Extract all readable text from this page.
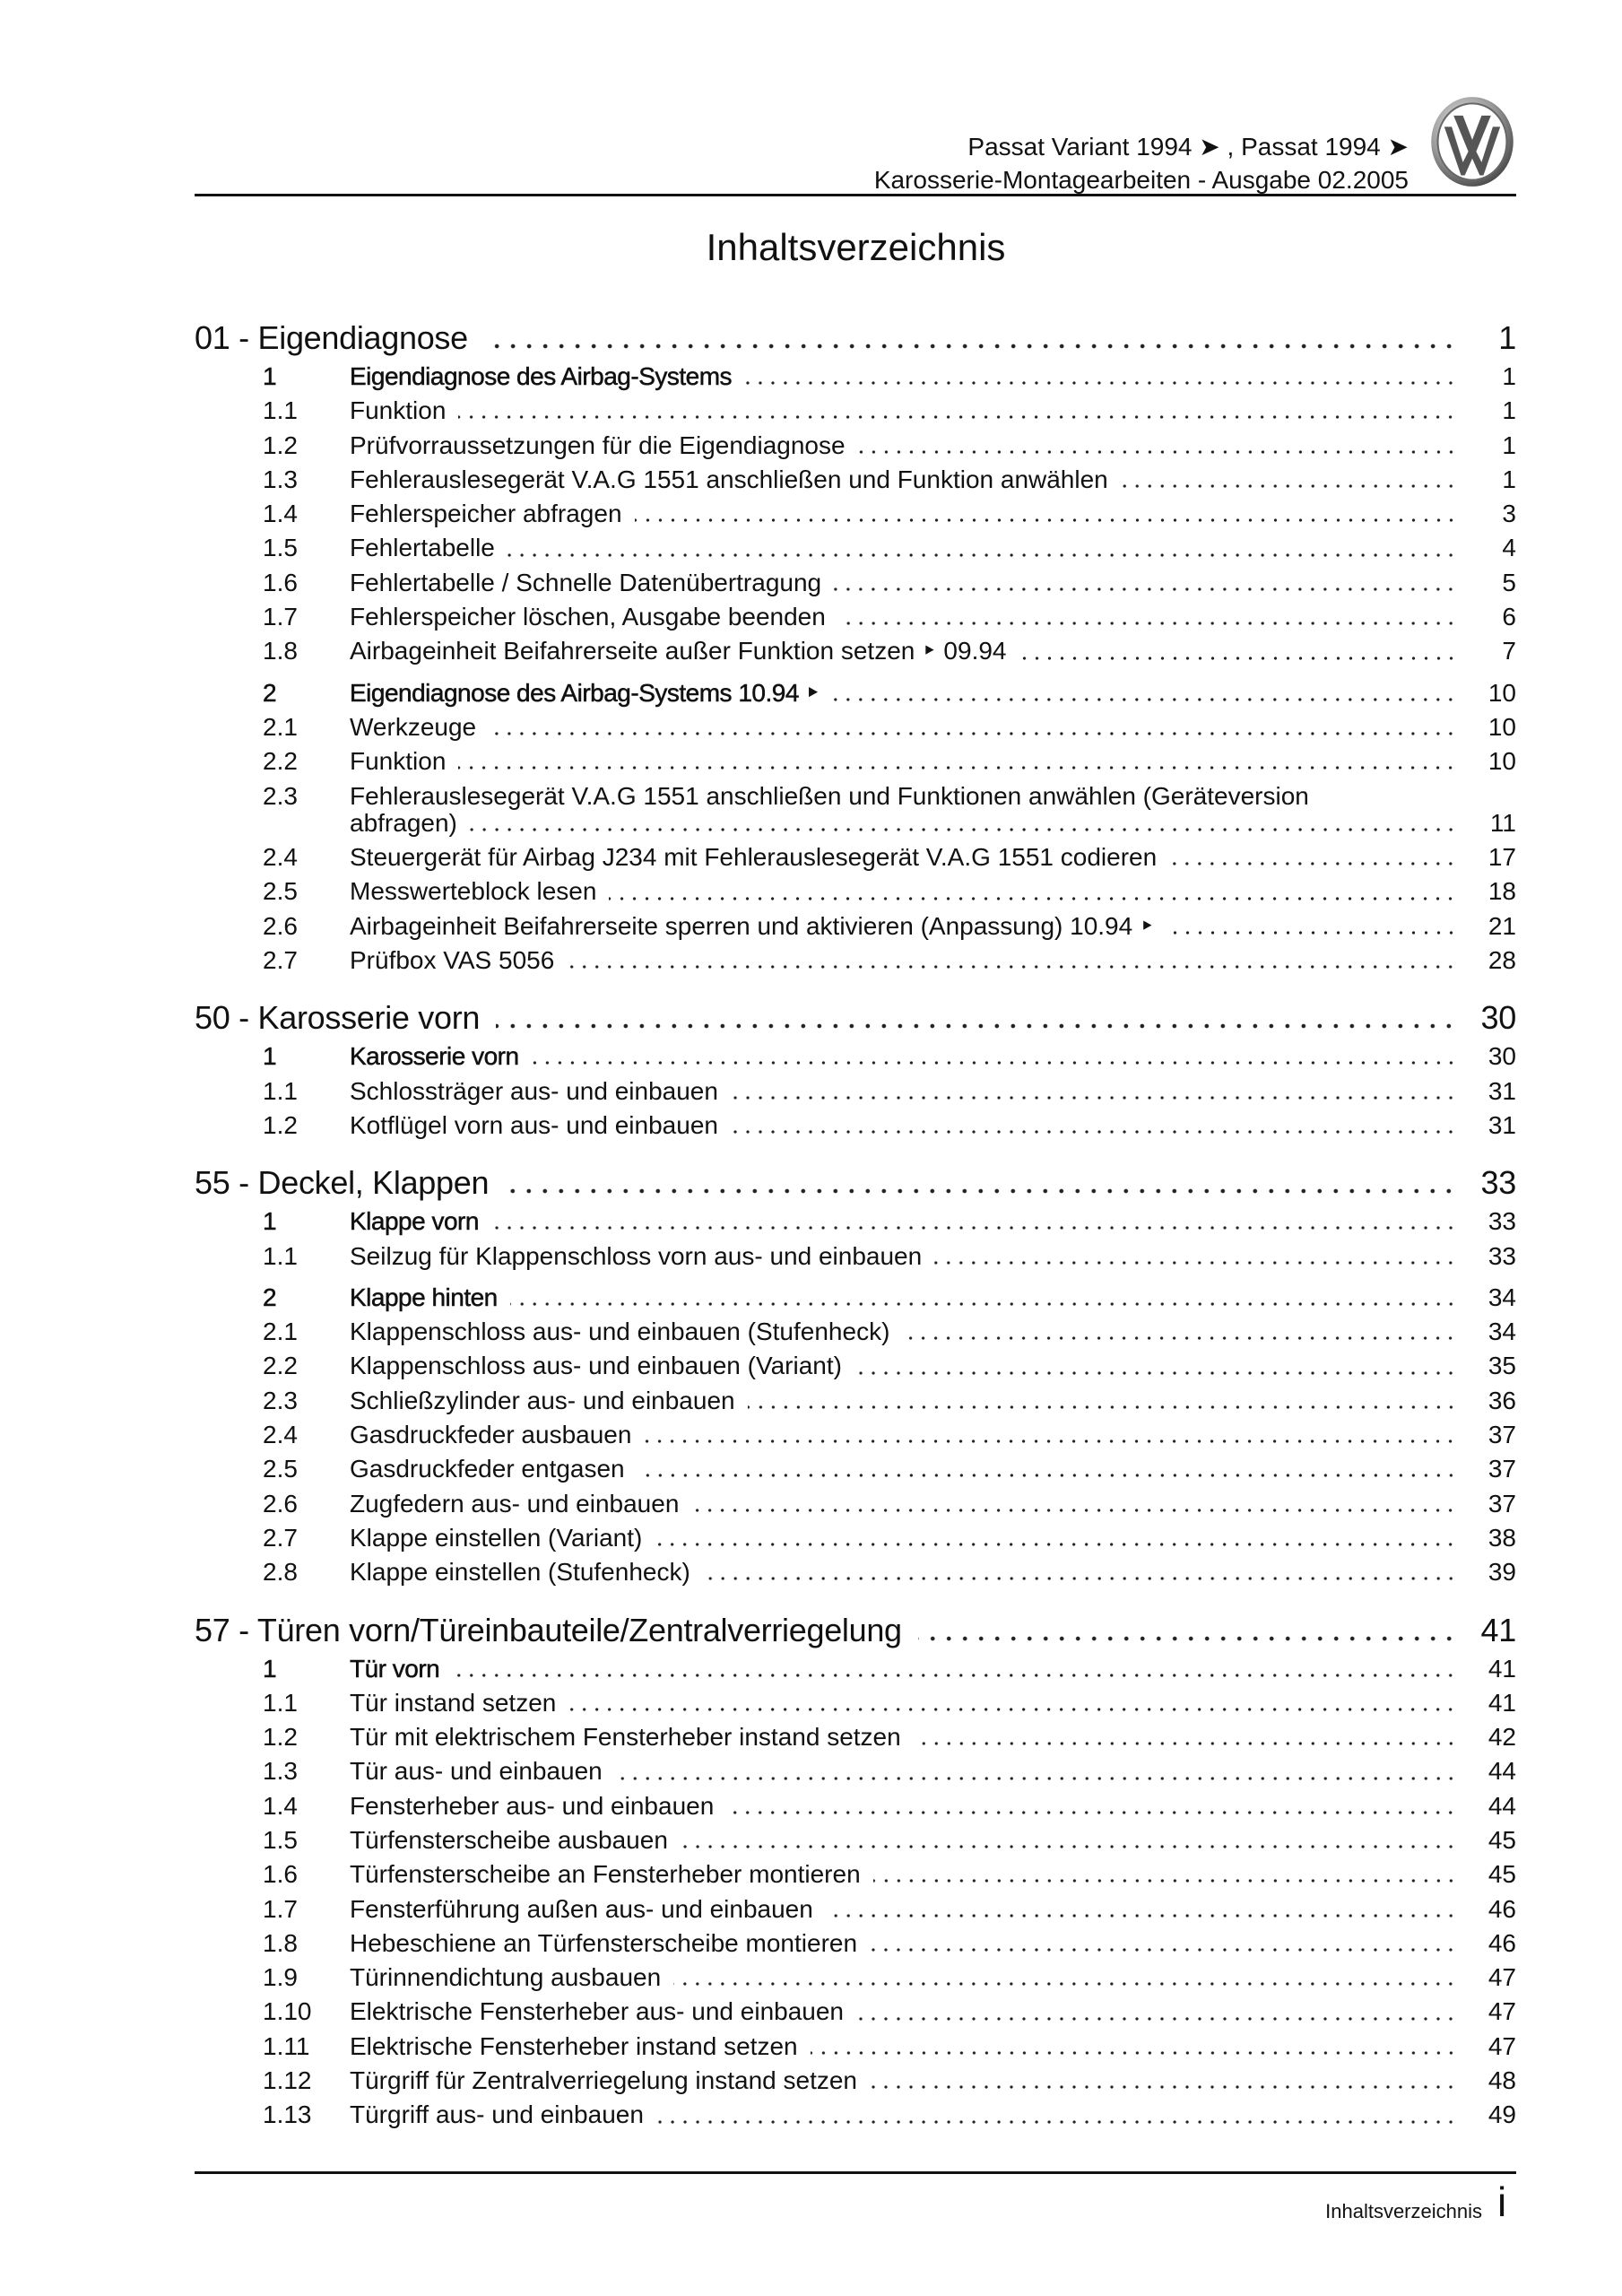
Passat Variant 1994 ➤ , Passat 1994 ➤
Karosserie-Montagearbeiten - Ausgabe 02.2005
Inhaltsverzeichnis
01 - Eigendiagnose	1
1	Eigendiagnose des Airbag-Systems	1
1.1 Funktion	1
1.2 Prüfvorraussetzungen für die Eigendiagnose	1
1.3 Fehlerauslesegerät V.A.G 1551 anschließen und Funktion anwählen	1
1.4 Fehlerspeicher abfragen	3
1.5 Fehlertabelle	4
1.6 Fehlertabelle / Schnelle Datenübertragung	5
1.7 Fehlerspeicher löschen, Ausgabe beenden	6
1.8 Airbageinheit Beifahrerseite außer Funktion setzen ‣ 09.94	7
2	Eigendiagnose des Airbag-Systems 10.94 ‣	10
2.1 Werkzeuge	10
2.2 Funktion	10
2.3 Fehlerauslesegerät V.A.G 1551 anschließen und Funktionen anwählen (Geräteversion
abfragen)	11
2.4 Steuergerät für Airbag J234 mit Fehlerauslesegerät V.A.G 1551 codieren	17
2.5 Messwerteblock lesen	18
2.6 Airbageinheit Beifahrerseite sperren und aktivieren (Anpassung) 10.94 ‣	21
2.7 Prüfbox VAS 5056	28
50 - Karosserie vorn	30
1	Karosserie vorn	30
1.1 Schlossträger aus- und einbauen	31
1.2 Kotflügel vorn aus- und einbauen	31
55 - Deckel, Klappen	33
1	Klappe vorn	33
1.1 Seilzug für Klappenschloss vorn aus- und einbauen	33
2	Klappe hinten	34
2.1 Klappenschloss aus- und einbauen (Stufenheck)	34
2.2 Klappenschloss aus- und einbauen (Variant)	35
2.3 Schließzylinder aus- und einbauen	36
2.4 Gasdruckfeder ausbauen	37
2.5 Gasdruckfeder entgasen	37
2.6 Zugfedern aus- und einbauen	37
2.7 Klappe einstellen (Variant)	38
2.8 Klappe einstellen (Stufenheck)	39
57 - Türen vorn/Türeinbauteile/Zentralverriegelung	41
1	Tür vorn	41
1.1 Tür instand setzen	41
1.2 Tür mit elektrischem Fensterheber instand setzen	42
1.3 Tür aus- und einbauen	44
1.4 Fensterheber aus- und einbauen	44
1.5 Türfensterscheibe ausbauen	45
1.6 Türfensterscheibe an Fensterheber montieren	45
1.7 Fensterführung außen aus- und einbauen	46
1.8 Hebeschiene an Türfensterscheibe montieren	46
1.9 Türinnendichtung ausbauen	47
1.10 Elektrische Fensterheber aus- und einbauen	47
1.11 Elektrische Fensterheber instand setzen	47
1.12 Türgriff für Zentralverriegelung instand setzen	48
1.13 Türgriff aus- und einbauen	49
Inhaltsverzeichnis i
